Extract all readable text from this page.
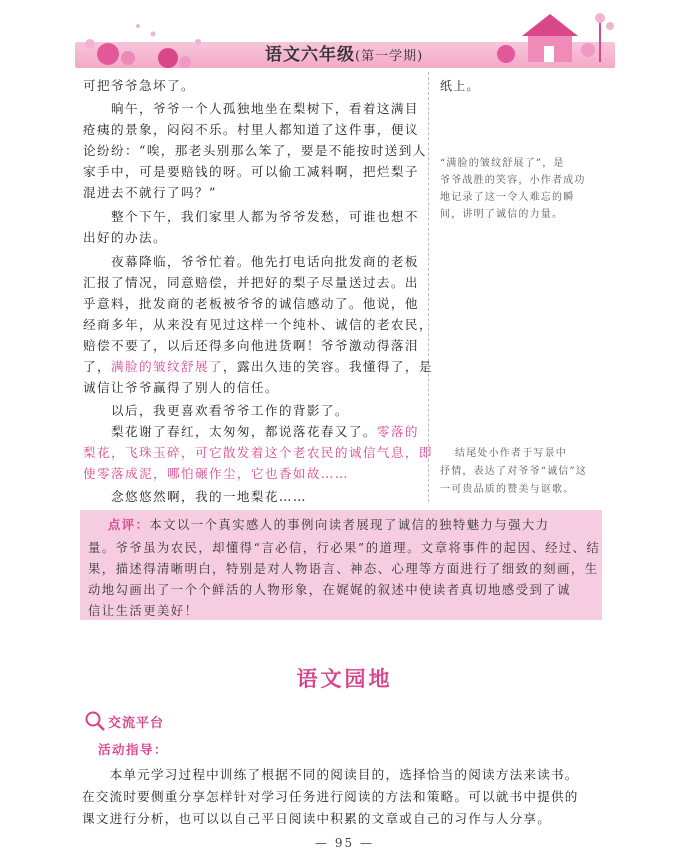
语文六年级(第一学期)
可把爷爷急坏了。
　　晌午，爷爷一个人孤独地坐在梨树下，看着这满目
疮痍的景象，闷闷不乐。村里人都知道了这件事，便议
论纷纷：“唉，那老头别那么笨了，要是不能按时送到人
家手中，可是要赔钱的呀。可以偷工减料啊，把烂梨子
混进去不就行了吗？”
　　整个下午，我们家里人都为爷爷发愁，可谁也想不
出好的办法。
　　夜幕降临，爷爷忙着。他先打电话向批发商的老板
汇报了情况，同意赔偿，并把好的梨子尽量送过去。出
乎意料，批发商的老板被爷爷的诚信感动了。他说，他
经商多年，从来没有见过这样一个纯朴、诚信的老农民，
赔偿不要了，以后还得多向他进货啊！爷爷激动得落泪
了，满脸的皱纹舒展了，露出久违的笑容。我懂得了，是
诚信让爷爷赢得了别人的信任。
　　以后，我更喜欢看爷爷工作的背影了。
　　梨花谢了春红，太匆匆，都说落花春又了。零落的
梨花，飞珠玉碎，可它散发着这个老农民的诚信气息，即
使零落成泥，哪怕碾作尘，它也香如故……
　　念悠悠然啊，我的一地梨花……
纸上。
“满脸的皱纹舒展了”，是
爷爷战胜的笑容，小作者成功
地记录了这一令人难忘的瞬
间，讲明了诚信的力量。
结尾处小作者于写景中
抒情，表达了对爷爷“诚信”这
一可贵品质的赞美与讴歌。
点评：本文以一个真实感人的事例向读者展现了诚信的独特魅力与强大力
量。爷爷虽为农民，却懂得“言必信，行必果”的道理。文章将事件的起因、经过、结
果，描述得清晰明白，特别是对人物语言、神态、心理等方面进行了细致的刻画，生
动地勾画出了一个个鲜活的人物形象，在娓娓的叙述中使读者真切地感受到了诚
信让生活更美好！
语文园地
交流平台
活动指导：
　　本单元学习过程中训练了根据不同的阅读目的，选择恰当的阅读方法来读书。
在交流时要侧重分享怎样针对学习任务进行阅读的方法和策略。可以就书中提供的
课文进行分析，也可以以自己平日阅读中积累的文章或自己的习作与人分享。
— 95 —
